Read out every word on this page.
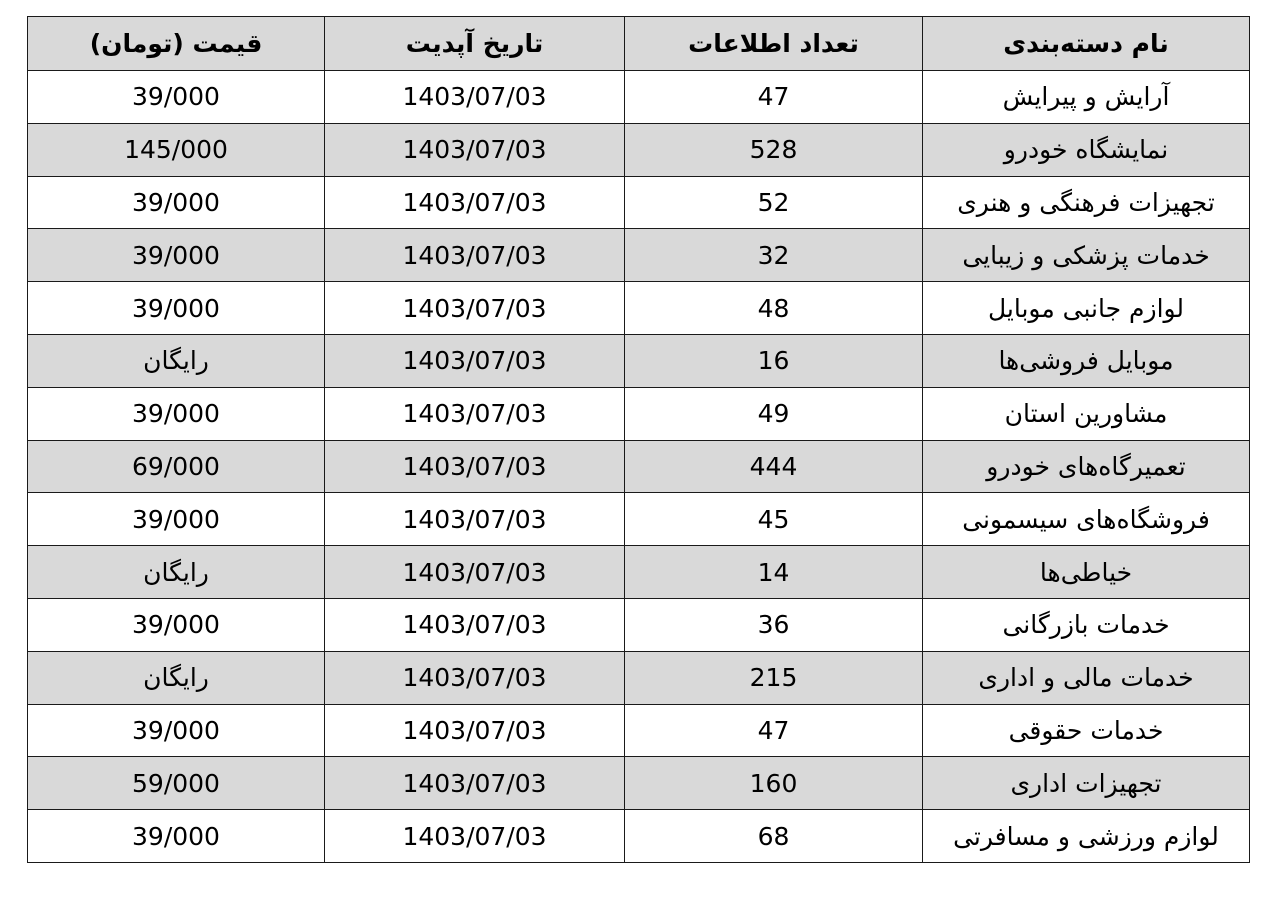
نام دسته‌بندی	تعداد اطلاعات	تاریخ آپدیت	قیمت (تومان)
آرایش و پیرایش	47	1403/07/03	39/000
نمایشگاه خودرو	528	1403/07/03	145/000
تجهیزات فرهنگی و هنری	52	1403/07/03	39/000
خدمات پزشکی و زیبایی	32	1403/07/03	39/000
لوازم جانبی موبایل	48	1403/07/03	39/000
موبایل فروشی‌ها	16	1403/07/03	رایگان
مشاورین استان	49	1403/07/03	39/000
تعمیرگاه‌های خودرو	444	1403/07/03	69/000
فروشگاه‌های سیسمونی	45	1403/07/03	39/000
خیاطی‌ها	14	1403/07/03	رایگان
خدمات بازرگانی	36	1403/07/03	39/000
خدمات مالی و اداری	215	1403/07/03	رایگان
خدمات حقوقی	47	1403/07/03	39/000
تجهیزات اداری	160	1403/07/03	59/000
لوازم ورزشی و مسافرتی	68	1403/07/03	39/000
